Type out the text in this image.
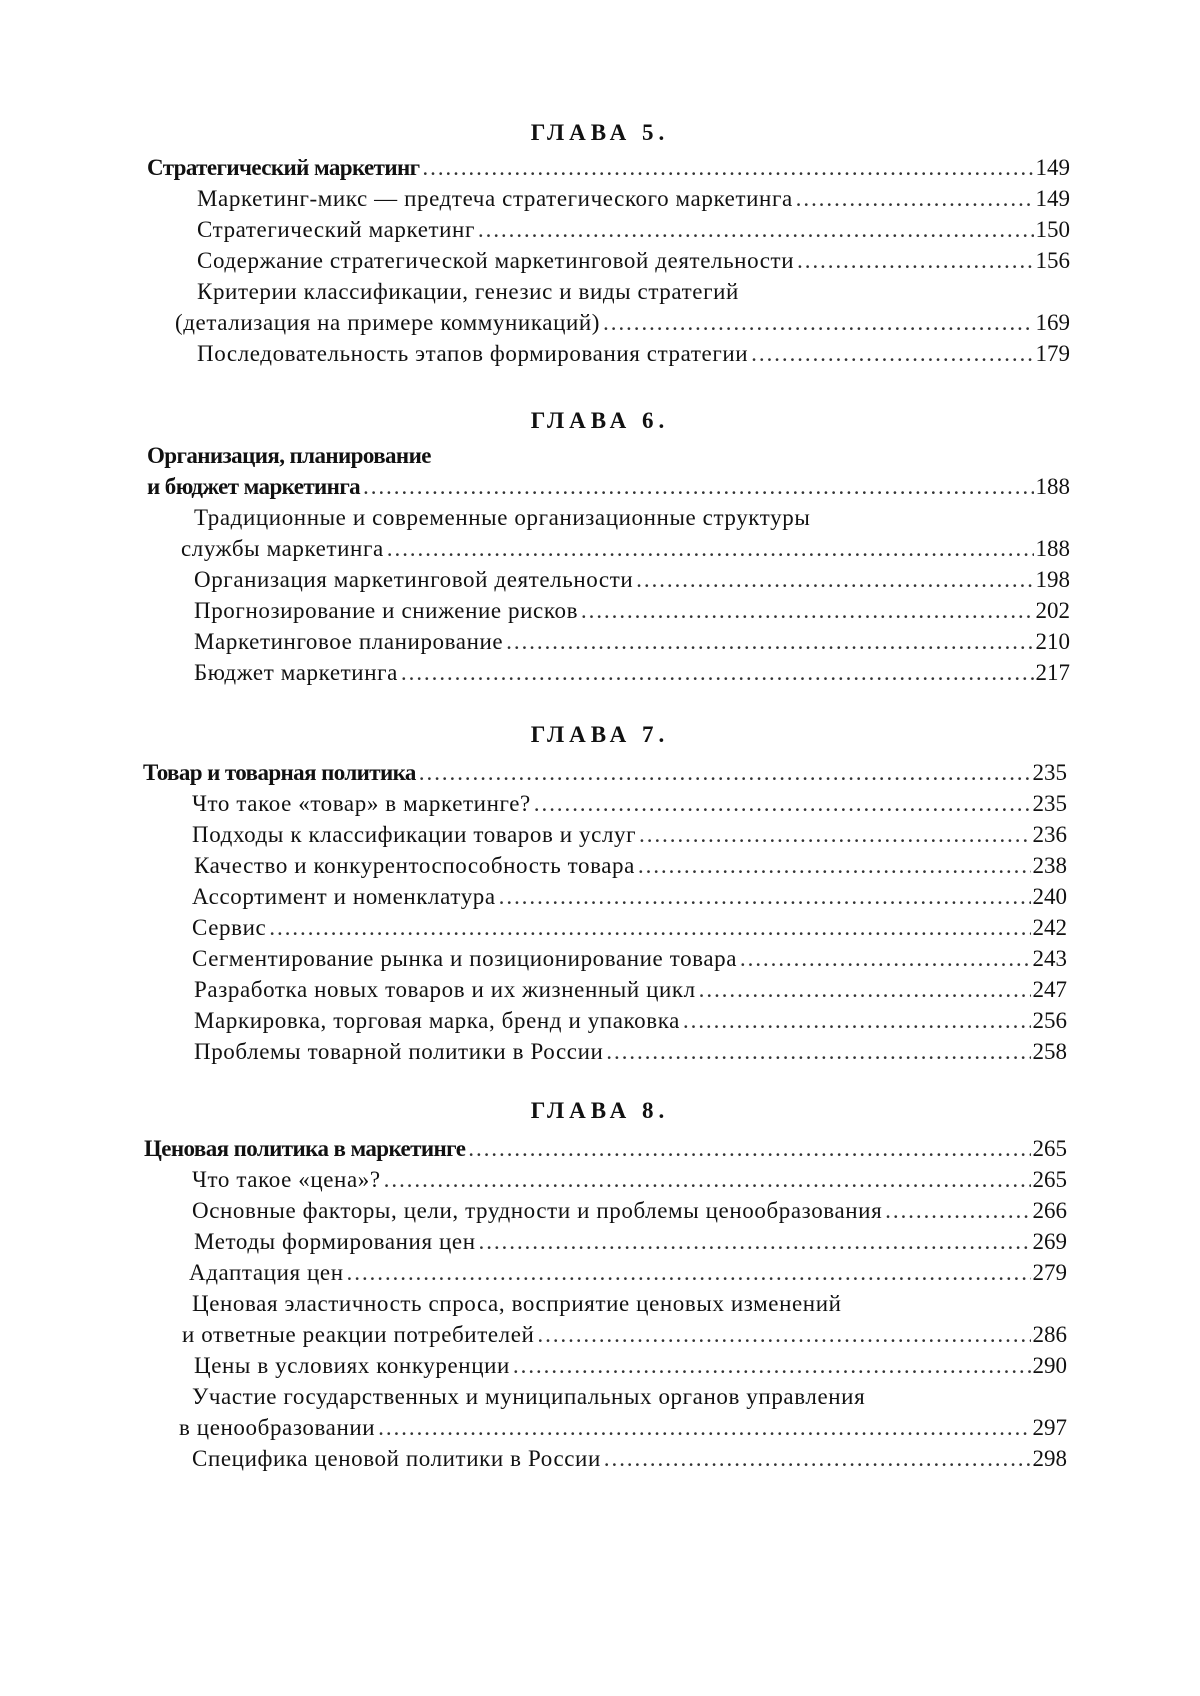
ГЛАВА 5.
Стратегический маркетинг …………………………………………………………………………………………………………………………………………………………………………………………………………………………………………	149
Маркетинг-микс — предтеча стратегического маркетинга …………………………………………………………………………………………………………………………………………………………………………………………………………………………………………	149
Стратегический маркетинг …………………………………………………………………………………………………………………………………………………………………………………………………………………………………………	150
Содержание стратегической маркетинговой деятельности …………………………………………………………………………………………………………………………………………………………………………………………………………………………………………	156
Критерии классификации, генезис и виды стратегий
(детализация на примере коммуникаций) …………………………………………………………………………………………………………………………………………………………………………………………………………………………………………	169
Последовательность этапов формирования стратегии …………………………………………………………………………………………………………………………………………………………………………………………………………………………………………	179
ГЛАВА 6.
Организация, планирование
и бюджет маркетинга …………………………………………………………………………………………………………………………………………………………………………………………………………………………………………	188
Традиционные и современные организационные структуры
службы маркетинга …………………………………………………………………………………………………………………………………………………………………………………………………………………………………………	188
Организация маркетинговой деятельности …………………………………………………………………………………………………………………………………………………………………………………………………………………………………………	198
Прогнозирование и снижение рисков …………………………………………………………………………………………………………………………………………………………………………………………………………………………………………	202
Маркетинговое планирование …………………………………………………………………………………………………………………………………………………………………………………………………………………………………………	210
Бюджет маркетинга …………………………………………………………………………………………………………………………………………………………………………………………………………………………………………	217
ГЛАВА 7.
Товар и товарная политика …………………………………………………………………………………………………………………………………………………………………………………………………………………………………………	235
Что такое «товар» в маркетинге? …………………………………………………………………………………………………………………………………………………………………………………………………………………………………………	235
Подходы к классификации товаров и услуг …………………………………………………………………………………………………………………………………………………………………………………………………………………………………………	236
Качество и конкурентоспособность товара …………………………………………………………………………………………………………………………………………………………………………………………………………………………………………	238
Ассортимент и номенклатура …………………………………………………………………………………………………………………………………………………………………………………………………………………………………………	240
Сервис …………………………………………………………………………………………………………………………………………………………………………………………………………………………………………	242
Сегментирование рынка и позиционирование товара …………………………………………………………………………………………………………………………………………………………………………………………………………………………………………	243
Разработка новых товаров и их жизненный цикл …………………………………………………………………………………………………………………………………………………………………………………………………………………………………………	247
Маркировка, торговая марка, бренд и упаковка …………………………………………………………………………………………………………………………………………………………………………………………………………………………………………	256
Проблемы товарной политики в России …………………………………………………………………………………………………………………………………………………………………………………………………………………………………………	258
ГЛАВА 8.
Ценовая политика в маркетинге …………………………………………………………………………………………………………………………………………………………………………………………………………………………………………	265
Что такое «цена»? …………………………………………………………………………………………………………………………………………………………………………………………………………………………………………	265
Основные факторы, цели, трудности и проблемы ценообразования …………………………………………………………………………………………………………………………………………………………………………………………………………………………………………	266
Методы формирования цен …………………………………………………………………………………………………………………………………………………………………………………………………………………………………………	269
Адаптация цен …………………………………………………………………………………………………………………………………………………………………………………………………………………………………………	279
Ценовая эластичность спроса, восприятие ценовых изменений
и ответные реакции потребителей …………………………………………………………………………………………………………………………………………………………………………………………………………………………………………	286
Цены в условиях конкуренции …………………………………………………………………………………………………………………………………………………………………………………………………………………………………………	290
Участие государственных и муниципальных органов управления
в ценообразовании …………………………………………………………………………………………………………………………………………………………………………………………………………………………………………	297
Специфика ценовой политики в России …………………………………………………………………………………………………………………………………………………………………………………………………………………………………………	298
